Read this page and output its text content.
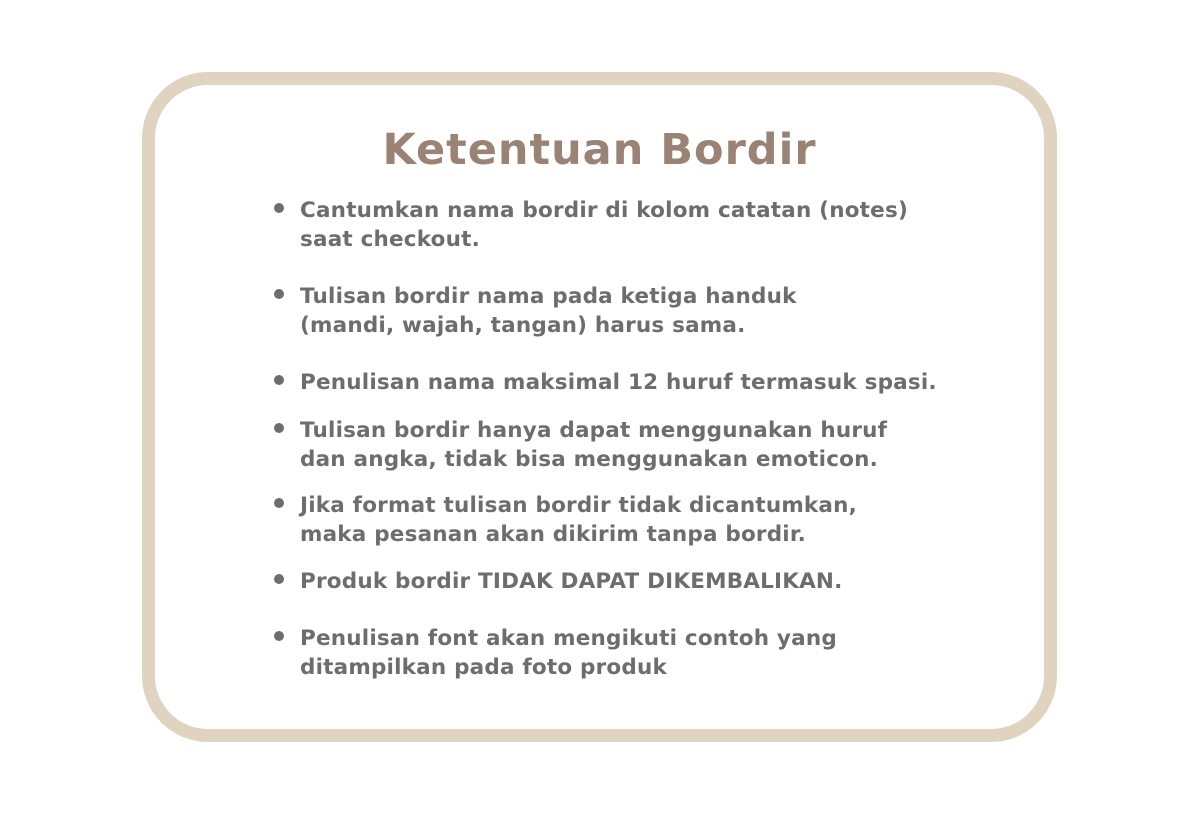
Ketentuan Bordir
Cantumkan nama bordir di kolom catatan (notes)
saat checkout.
Tulisan bordir nama pada ketiga handuk
(mandi, wajah, tangan) harus sama.
Penulisan nama maksimal 12 huruf termasuk spasi.
Tulisan bordir hanya dapat menggunakan huruf
dan angka, tidak bisa menggunakan emoticon.
Jika format tulisan bordir tidak dicantumkan,
maka pesanan akan dikirim tanpa bordir.
Produk bordir TIDAK DAPAT DIKEMBALIKAN.
Penulisan font akan mengikuti contoh yang
ditampilkan pada foto produk
